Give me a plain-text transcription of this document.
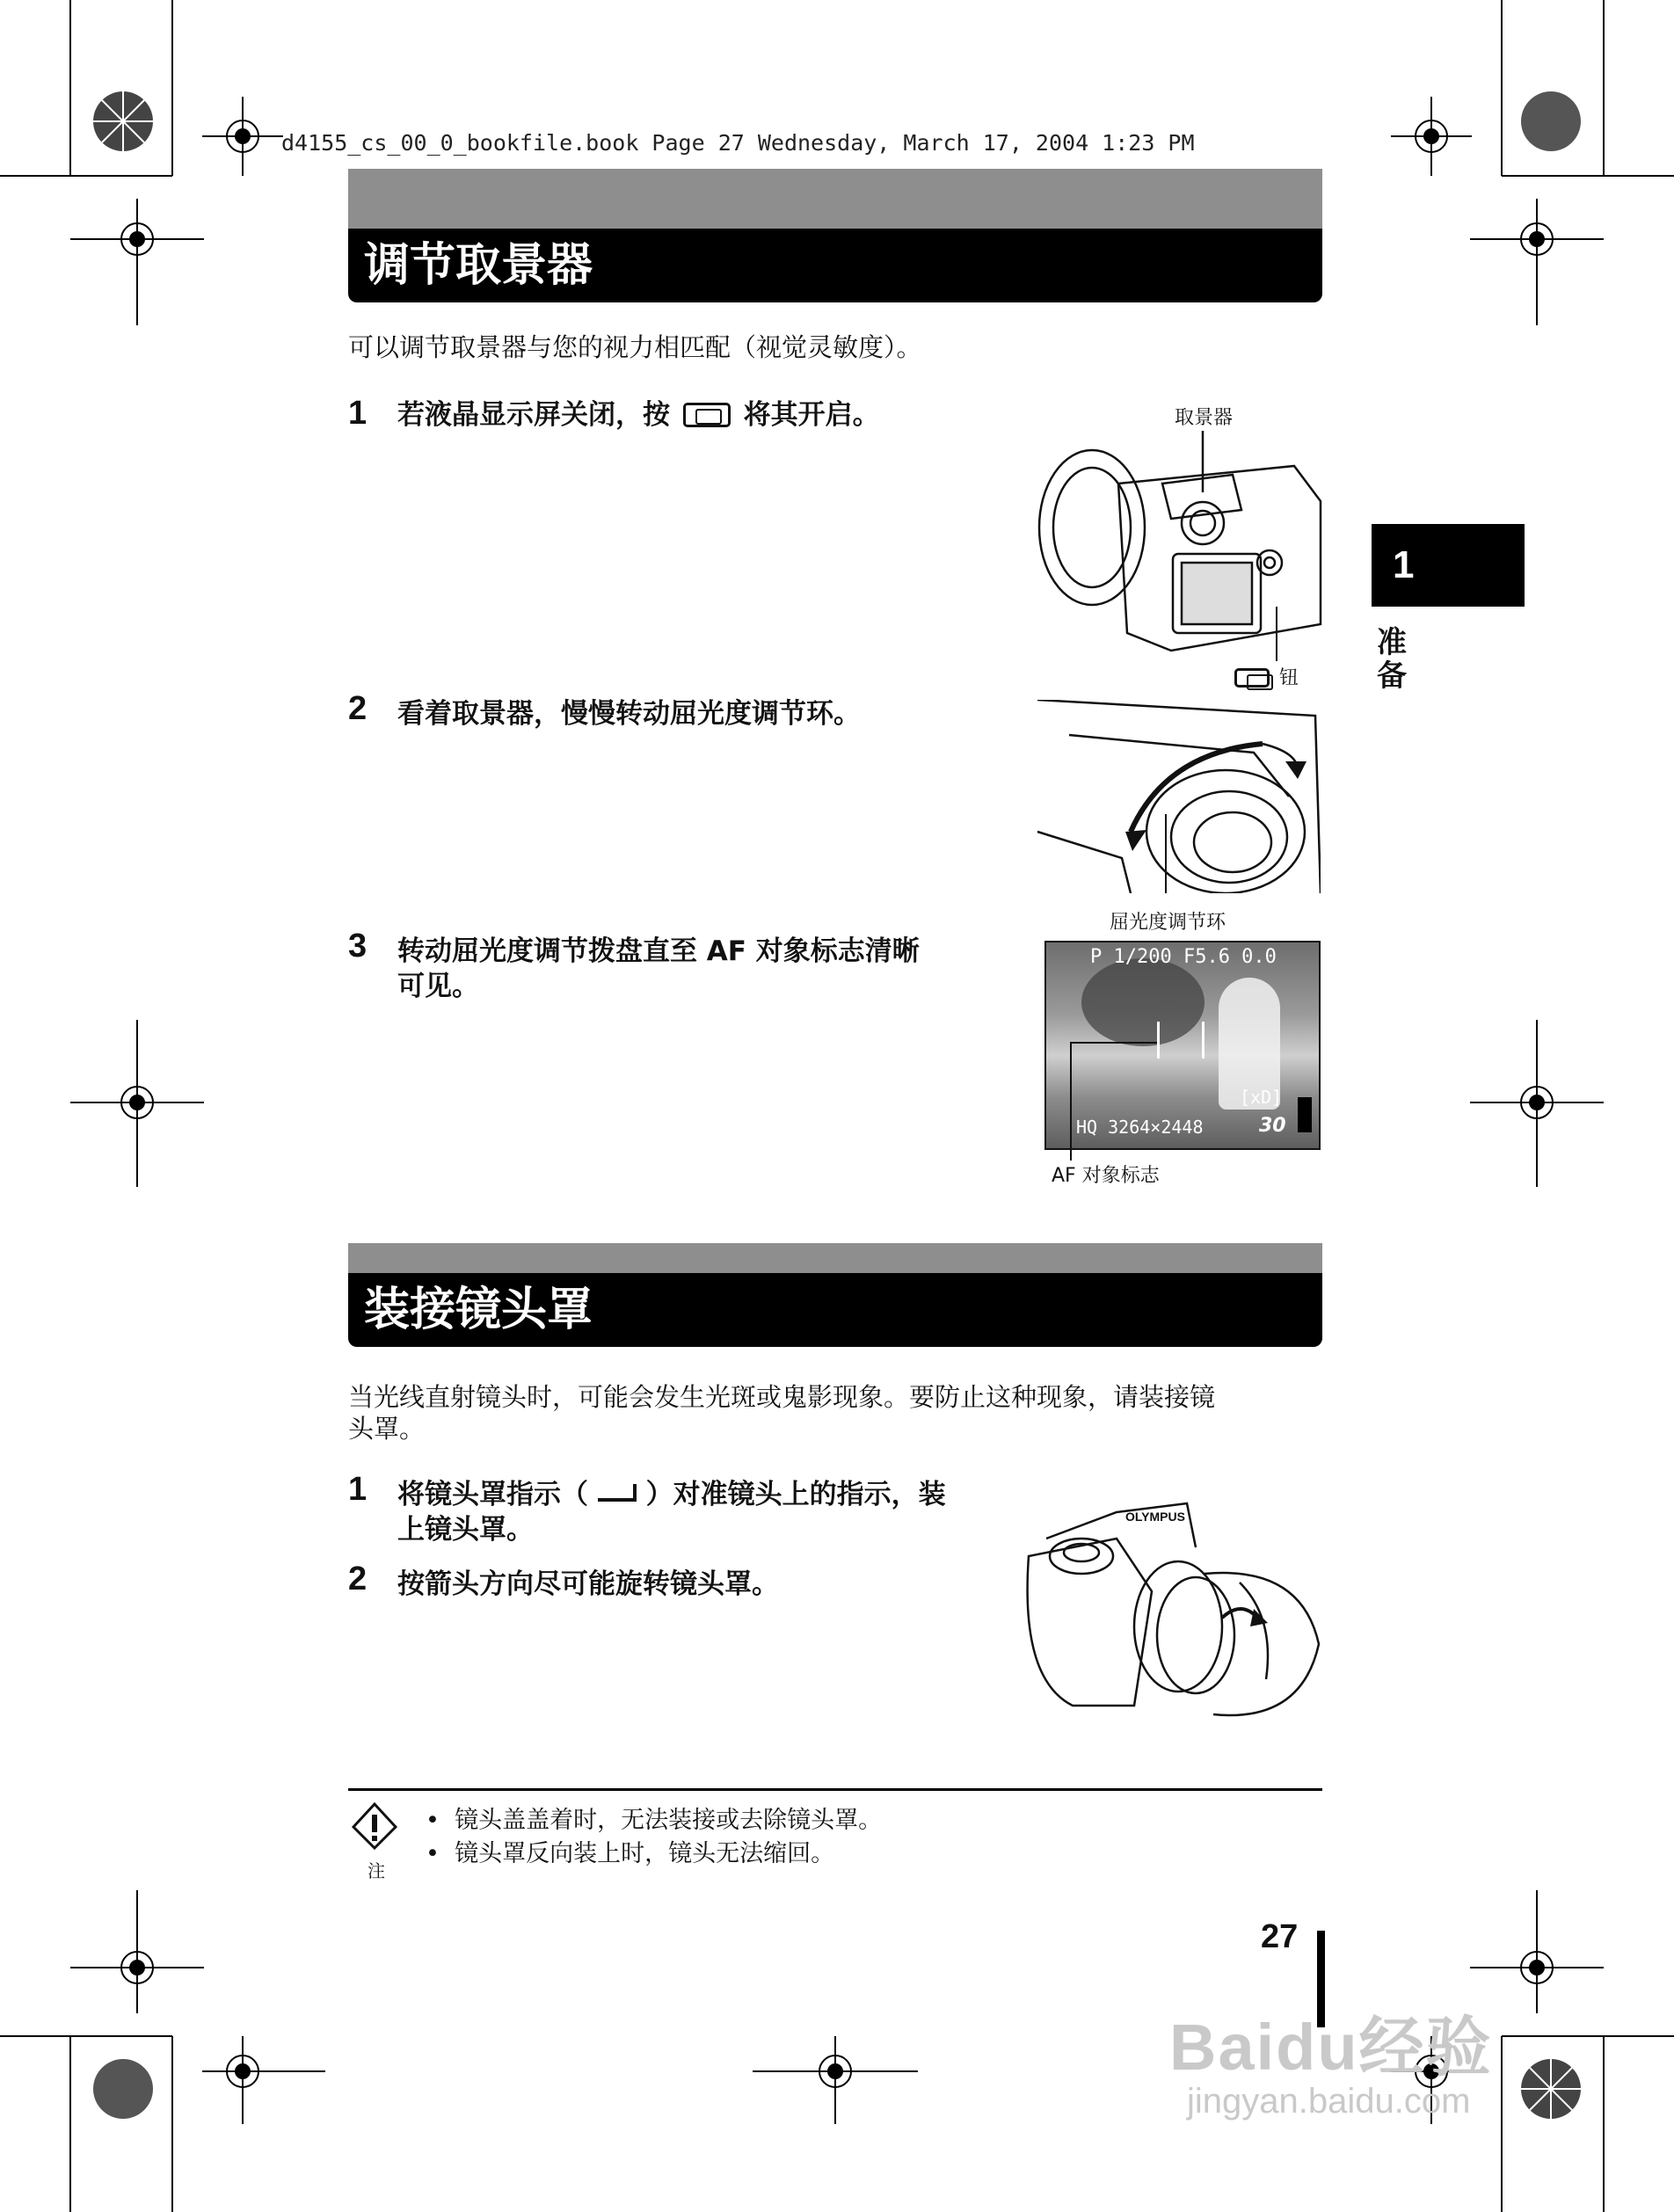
d4155_cs_00_0_bookfile.book Page 27 Wednesday, March 17, 2004 1:23 PM
调节取景器
可以调节取景器与您的视力相匹配（视觉灵敏度）。
1 若液晶显示屏关闭，按	将其开启。	取景器
钮
2 看着取景器，慢慢转动屈光度调节环。
屈光度调节环
3 转动屈光度调节拨盘直至 AF 对象标志清晰
可见。
P 1/200 F5.6 0.0
[xD]
HQ 3264×2448	30
AF 对象标志
1
准备
装接镜头罩
当光线直射镜头时，可能会发生光斑或鬼影现象。要防止这种现象，请装接镜
头罩。
1 将镜头罩指示（ ）对准镜头上的指示，装
上镜头罩。
2 按箭头方向尽可能旋转镜头罩。
OLYMPUS
注
•  镜头盖盖着时，无法装接或去除镜头罩。
•  镜头罩反向装上时，镜头无法缩回。
27
Baidu经验
jingyan.baidu.com
